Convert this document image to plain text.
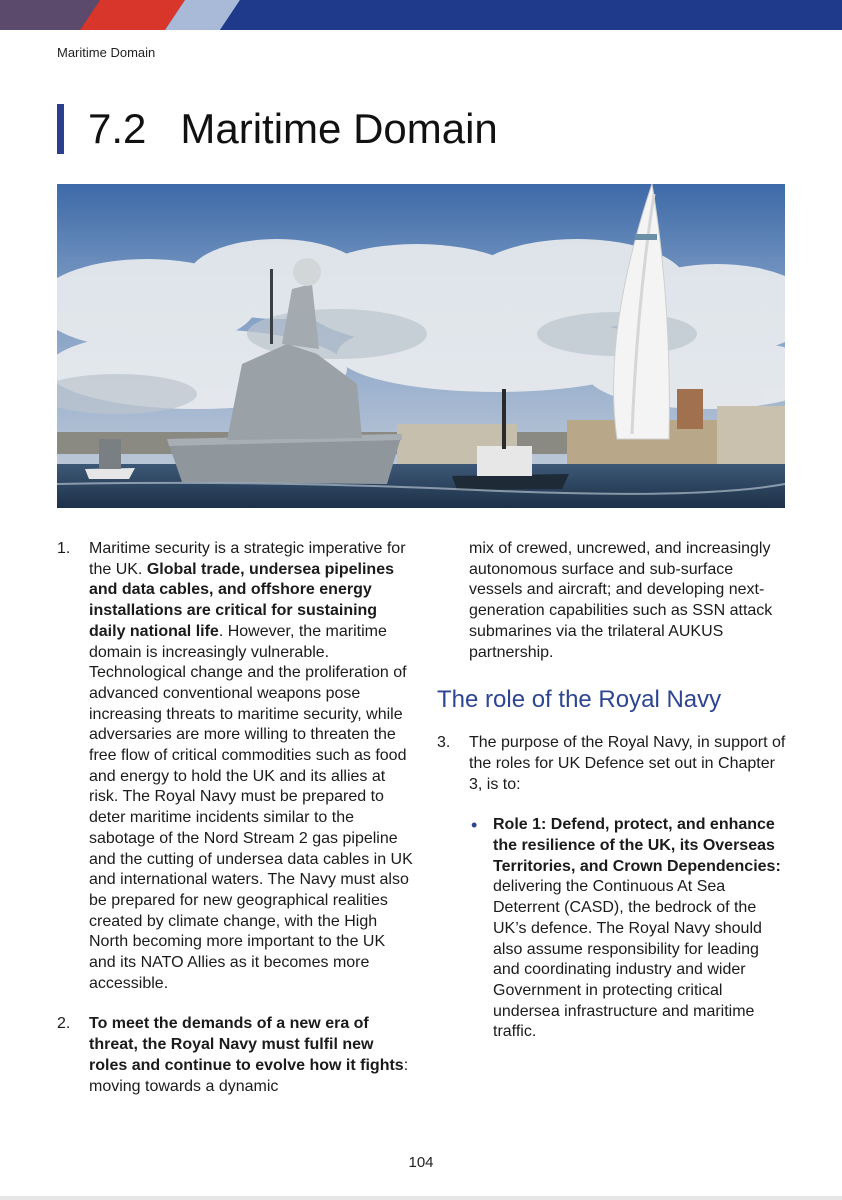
Maritime Domain
7.2 Maritime Domain
1. Maritime security is a strategic imperative for the UK. Global trade, undersea pipelines and data cables, and offshore energy installations are critical for sustaining daily national life. However, the maritime domain is increasingly vulnerable. Technological change and the proliferation of advanced conventional weapons pose increasing threats to maritime security, while adversaries are more willing to threaten the free flow of critical commodities such as food and energy to hold the UK and its allies at risk. The Royal Navy must be prepared to deter maritime incidents similar to the sabotage of the Nord Stream 2 gas pipeline and the cutting of undersea data cables in UK and international waters. The Navy must also be prepared for new geographical realities created by climate change, with the High North becoming more important to the UK and its NATO Allies as it becomes more accessible.
2. To meet the demands of a new era of threat, the Royal Navy must fulfil new roles and continue to evolve how it fights: moving towards a dynamic
mix of crewed, uncrewed, and increasingly autonomous surface and sub-surface vessels and aircraft; and developing next-generation capabilities such as SSN attack submarines via the trilateral AUKUS partnership.
The role of the Royal Navy
3. The purpose of the Royal Navy, in support of the roles for UK Defence set out in Chapter 3, is to:
• Role 1: Defend, protect, and enhance the resilience of the UK, its Overseas Territories, and Crown Dependencies: delivering the Continuous At Sea Deterrent (CASD), the bedrock of the UK’s defence. The Royal Navy should also assume responsibility for leading and coordinating industry and wider Government in protecting critical undersea infrastructure and maritime traffic.
104
